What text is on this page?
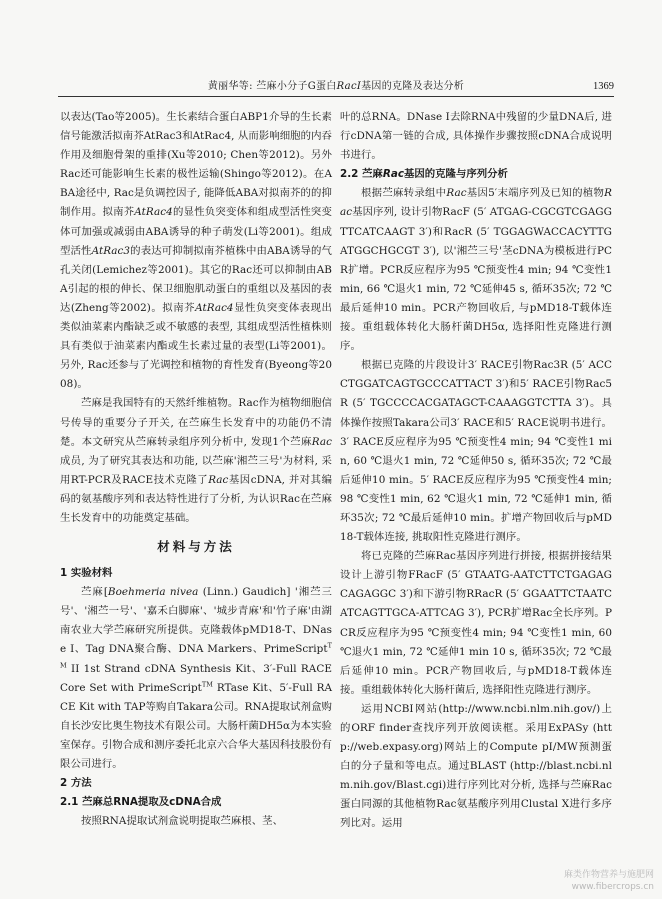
黄丽华等: 苎麻小分子G蛋白RacI基因的克隆及表达分析	1369

以表达(Tao等2005)。生长素结合蛋白ABP1介导的生长素信号能激活拟南芥AtRac3和AtRac4, 从而影响细胞的内吞作用及细胞骨架的重排(Xu等2010; Chen等2012)。另外Rac还可能影响生长素的极性运输(Shingo等2012)。在ABA途径中, Rac是负调控因子, 能降低ABA对拟南芥的的抑制作用。拟南芥AtRac4的显性负突变体和组成型活性突变体可加强或减弱由ABA诱导的种子萌发(Li等2001)。组成型活性AtRac3的表达可抑制拟南芥植株中由ABA诱导的气孔关闭(Lemichez等2001)。其它的Rac还可以抑制由ABA引起的根的伸长、保卫细胞肌动蛋白的重组以及基因的表达(Zheng等2002)。拟南芥AtRac4显性负突变体表现出类似油菜素内酯缺乏或不敏感的表型, 其组成型活性植株则具有类似于油菜素内酯或生长素过量的表型(Li等2001)。另外, Rac还参与了光调控和植物的育性发育(Byeong等2008)。

苎麻是我国特有的天然纤维植物。Rac作为植物细胞信号传导的重要分子开关, 在苎麻生长发育中的功能仍不清楚。本文研究从苎麻转录组序列分析中, 发现1个苎麻Rac成员, 为了研究其表达和功能, 以苎麻'湘苎三号'为材料, 采用RT-PCR及RACE技术克隆了Rac基因cDNA, 并对其编码的氨基酸序列和表达特性进行了分析, 为认识Rac在苎麻生长发育中的功能奠定基础。

材料与方法
1 实验材料

苎麻[Boehmeria nivea (Linn.) Gaudich] '湘苎三号'、'湘苎一号'、'嘉禾白脚麻'、'城步青麻'和'竹子麻'由湖南农业大学苎麻研究所提供。克隆载体pMD18-T、DNase I、Tag DNA聚合酶、DNA Markers、PrimeScript™ II 1st Strand cDNA Synthesis Kit、3′-Full RACE Core Set with PrimeScript™ RTase Kit、5′-Full RACE Kit with TAP等购自Takara公司。RNA提取试剂盒购自长沙安比奥生物技术有限公司。大肠杆菌DH5α为本实验室保存。引物合成和测序委托北京六合华大基因科技股份有限公司进行。

2 方法
2.1 苎麻总RNA提取及cDNA合成

按照RNA提取试剂盒说明提取苎麻根、茎、

叶的总RNA。DNase I去除RNA中残留的少量DNA后, 进行cDNA第一链的合成, 具体操作步骤按照cDNA合成说明书进行。

2.2 苎麻Rac基因的克隆与序列分析

根据苎麻转录组中Rac基因5′末端序列及已知的植物Rac基因序列, 设计引物RacF (5′ ATGAG-CGCGTCGAGGTTCATCAAGT 3′)和RacR (5′ TGGAGWACCACYTTGATGGCHGCGT 3′), 以'湘苎三号'茎cDNA为模板进行PCR扩增。PCR反应程序为95 ℃预变性4 min; 94 ℃变性1 min, 66 ℃退火1 min, 72 ℃延伸45 s, 循环35次; 72 ℃最后延伸10 min。PCR产物回收后, 与pMD18-T载体连接。重组载体转化大肠杆菌DH5α, 选择阳性克隆进行测序。

根据已克隆的片段设计3′ RACE引物Rac3R (5′ ACCCTGGATCAGTGCCCATTACT 3′)和5′ RACE引物Rac5R (5′ TGCCCCACGATAGCT-CAAAGGTCTTA 3′)。具体操作按照Takara公司3′ RACE和5′ RACE说明书进行。3′ RACE反应程序为95 ℃预变性4 min; 94 ℃变性1 min, 60 ℃退火1 min, 72 ℃延伸50 s, 循环35次; 72 ℃最后延伸10 min。5′ RACE反应程序为95 ℃预变性4 min; 98 ℃变性1 min, 62 ℃退火1 min, 72 ℃延伸1 min, 循环35次; 72 ℃最后延伸10 min。扩增产物回收后与pMD18-T载体连接, 挑取阳性克隆进行测序。

将已克隆的苎麻Rac基因序列进行拼接, 根据拼接结果设计上游引物FRacF (5′ GTAATG-AATCTTCTGAGAGCAGAGGC 3′)和下游引物RRacR (5′ GGAATTCTAATCATCAGTTGCA-ATTCAG 3′), PCR扩增Rac全长序列。PCR反应程序为95 ℃预变性4 min; 94 ℃变性1 min, 60 ℃退火1 min, 72 ℃延伸1 min 10 s, 循环35次; 72 ℃最后延伸10 min。PCR产物回收后, 与pMD18-T载体连接。重组载体转化大肠杆菌后, 选择阳性克隆进行测序。

运用NCBI网站(http://www.ncbi.nlm.nih.gov/)上的ORF finder查找序列开放阅读框。采用ExPASy (http://web.expasy.org)网站上的Compute pI/MW预测蛋白的分子量和等电点。通过BLAST (http://blast.ncbi.nlm.nih.gov/Blast.cgi)进行序列比对分析, 选择与苎麻Rac蛋白同源的其他植物Rac氨基酸序列用Clustal X进行多序列比对。运用

麻类作物营养与施肥网
www.fibercrops.cn
